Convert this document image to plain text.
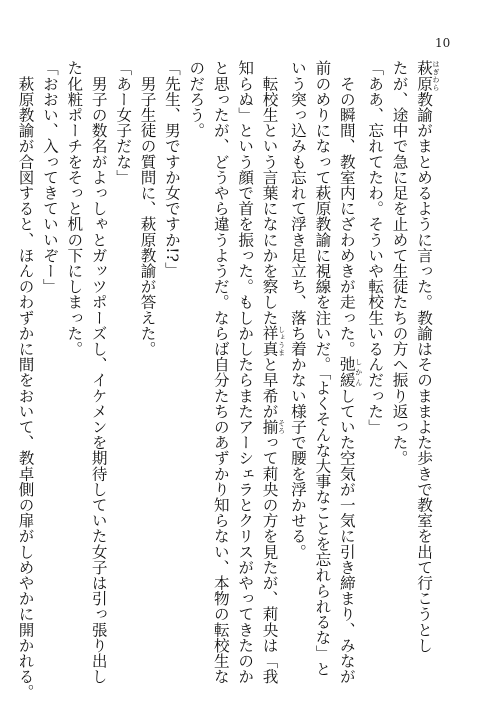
10
萩原 はぎわら教諭がまとめるように言った。教諭はそのままよた歩きで教室を出て行こうとし
たが、途中で急に足を止めて生徒たちの方へ振り返った。
「ああ、忘れてたわ。そういや転校生いるんだった」
　その瞬間、教室内にざわめきが走った。弛緩 しかんしていた空気が一気に引き締まり、みなが
前のめりになって萩原教諭に視線を注いだ。「よくそんな大事なことを忘れられるな」と
いう突っ込みも忘れて浮き足立ち、落ち着かない様子で腰を浮かせる。
　転校生という言葉になにかを察した祥真 しょうまと早希が揃 そろって莉央の方を見たが、莉央は「我
知らぬ」という顔で首を振った。もしかしたらまたアーシェラとクリスがやってきたのか
と思ったが、どうやら違うようだ。ならば自分たちのあずかり知らない、本物の転校生な
のだろう。
「先生、男ですか女ですか!?」
　男子生徒の質問に、萩原教諭が答えた。
「あー女子だな」
　男子の数名がよっしゃとガッツポーズし、イケメンを期待していた女子は引っ張り出し
た化粧ポーチをそっと机の下にしまった。
「おおい、入ってきていいぞー」
　萩原教諭が合図すると、ほんのわずかに間をおいて、教卓側の扉がしめやかに開かれる。
